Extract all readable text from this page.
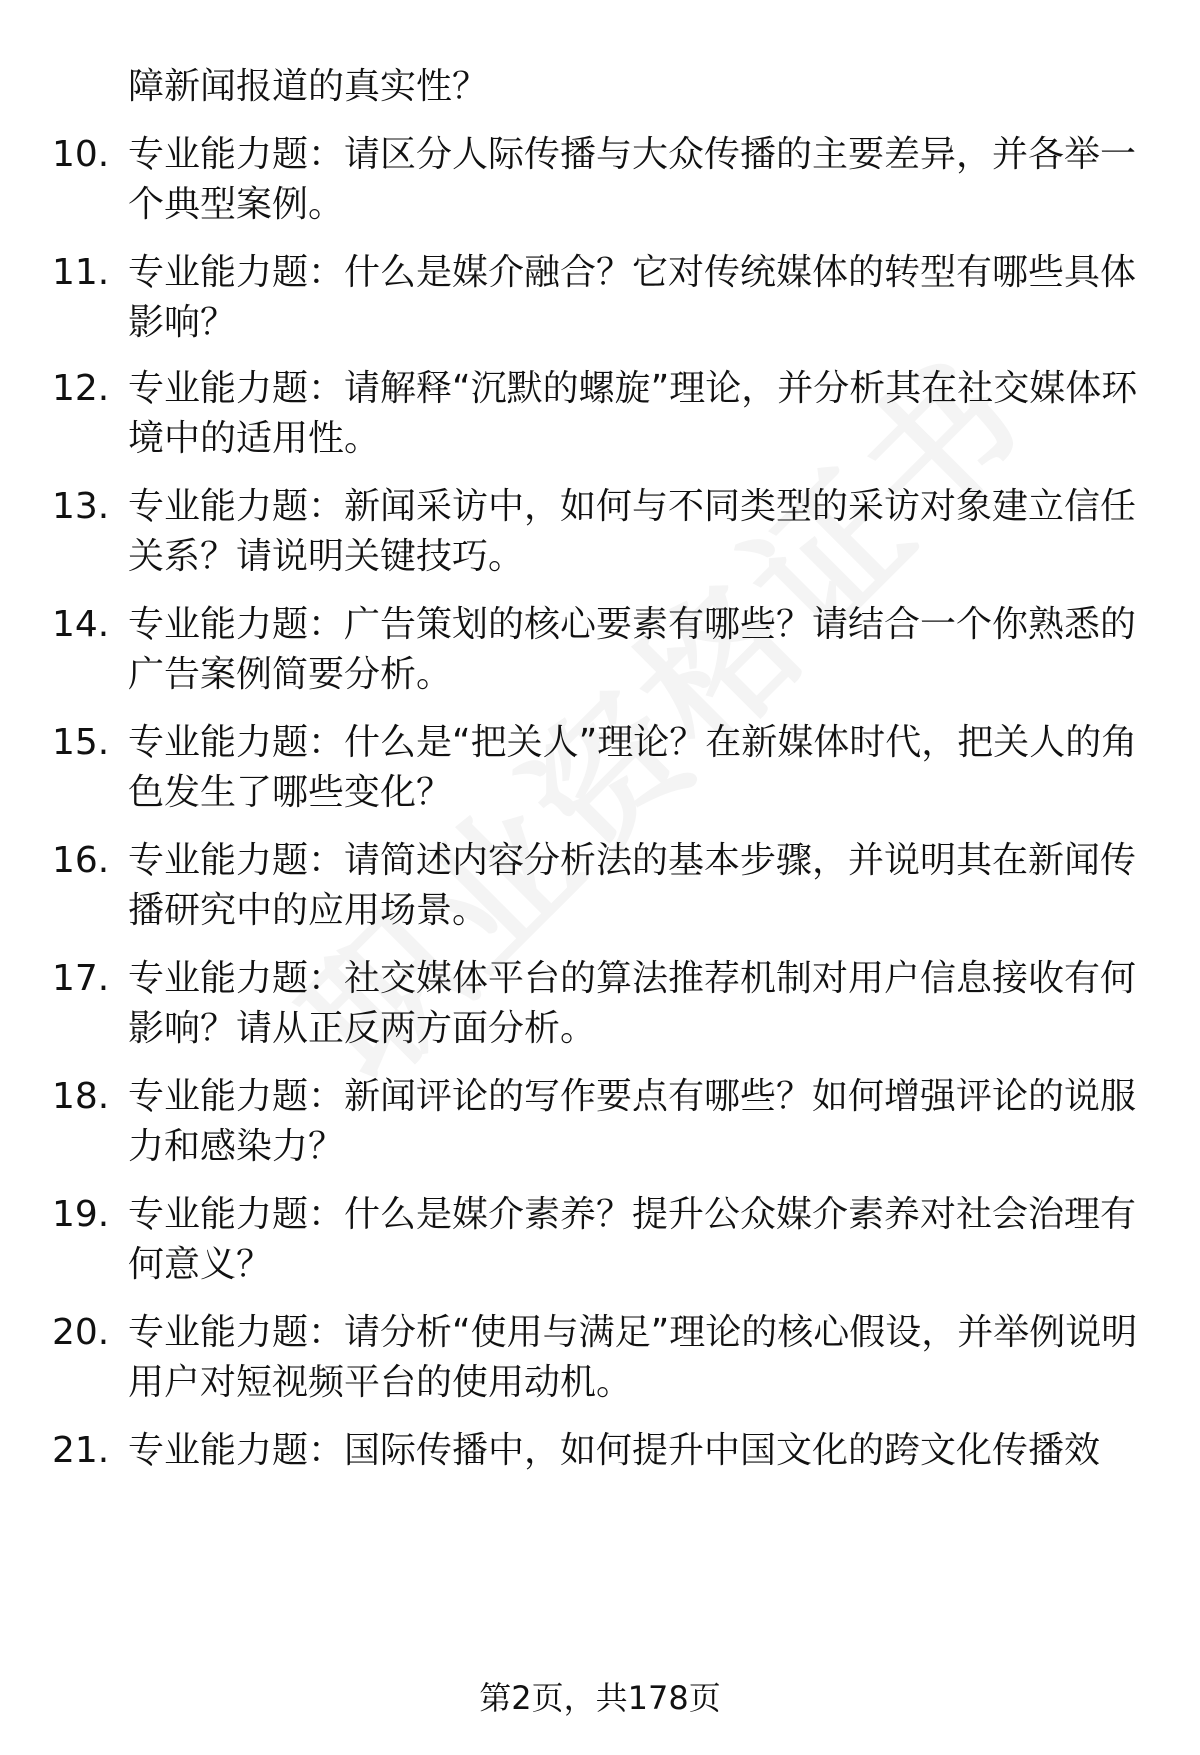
障新闻报道的真实性？
10. 专业能力题：请区分人际传播与大众传播的主要差异，并各举一个典型案例。
11. 专业能力题：什么是媒介融合？它对传统媒体的转型有哪些具体影响？
12. 专业能力题：请解释“沉默的螺旋”理论，并分析其在社交媒体环境中的适用性。
13. 专业能力题：新闻采访中，如何与不同类型的采访对象建立信任关系？请说明关键技巧。
14. 专业能力题：广告策划的核心要素有哪些？请结合一个你熟悉的广告案例简要分析。
15. 专业能力题：什么是“把关人”理论？在新媒体时代，把关人的角色发生了哪些变化？
16. 专业能力题：请简述内容分析法的基本步骤，并说明其在新闻传播研究中的应用场景。
17. 专业能力题：社交媒体平台的算法推荐机制对用户信息接收有何影响？请从正反两方面分析。
18. 专业能力题：新闻评论的写作要点有哪些？如何增强评论的说服力和感染力？
19. 专业能力题：什么是媒介素养？提升公众媒介素养对社会治理有何意义？
20. 专业能力题：请分析“使用与满足”理论的核心假设，并举例说明用户对短视频平台的使用动机。
21. 专业能力题：国际传播中，如何提升中国文化的跨文化传播效
第2页，共178页
